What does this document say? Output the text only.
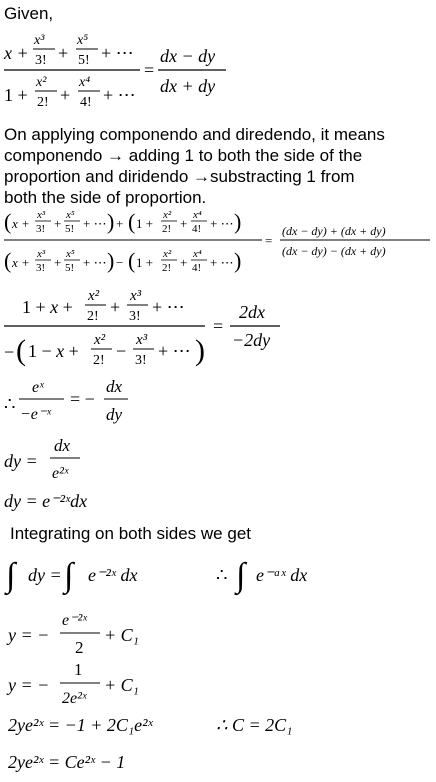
Given,
On applying componendo and diredendo, it means
componendo → adding 1 to both the side of the
proportion and diridendo →substracting 1 from
both the side of proportion.
Integrating on both sides we get
x +
x³
3! +
x⁵
5! + ⋯
1 +
x²
2! +
x⁴
4! + ⋯
=
dx − dy
dx + dy
( x +
x³
3! +
x⁵
5! + ⋯ ) + ( 1 +
x²
2! +
x⁴
4! + ⋯ )
( x +
x³
3! +
x⁵
5! + ⋯ ) − ( 1 +
x²
2! +
x⁴
4! + ⋯ )
=
(dx − dy) + (dx + dy)
(dx − dy) − (dx + dy)
1 + x +
x²
2! +
x³
3! + ⋯
− ( 1 − x +
x²
2! −
x³
3! + ⋯ )
=
2dx
−2dy
∴
eˣ
−e⁻ˣ
= −
dx
dy
dy =
dx
e²ˣ
dy = e⁻²ˣdx
∫ dy = ∫ e⁻²ˣ dx	∴ ∫ e⁻ᵃˣ dx
y = −
e⁻²ˣ
2
+ C₁
y = −
1
2e²ˣ
+ C₁
2ye²ˣ = −1 + 2C₁e²ˣ	∴ C = 2C₁
2ye²ˣ = Ce²ˣ − 1
